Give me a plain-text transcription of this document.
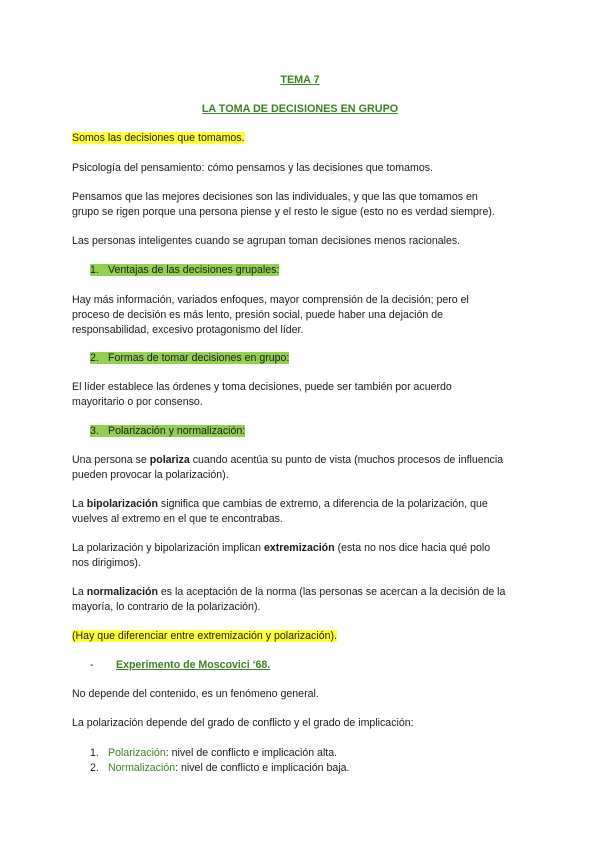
TEMA 7
LA TOMA DE DECISIONES EN GRUPO
Somos las decisiones que tomamos.
Psicología del pensamiento: cómo pensamos y las decisiones que tomamos.
Pensamos que las mejores decisiones son las individuales, y que las que tomamos en
grupo se rigen porque una persona piense y el resto le sigue (esto no es verdad siempre).
Las personas inteligentes cuando se agrupan toman decisiones menos racionales.
1. Ventajas de las decisiones grupales:
Hay más información, variados enfoques, mayor comprensión de la decisión; pero el
proceso de decisión es más lento, presión social, puede haber una dejación de
responsabilidad, excesivo protagonismo del líder.
2. Formas de tomar decisiones en grupo:
El líder establece las órdenes y toma decisiones, puede ser también por acuerdo
mayoritario o por consenso.
3. Polarización y normalización:
Una persona se polariza cuando acentúa su punto de vista (muchos procesos de influencia
pueden provocar la polarización).
La bipolarización significa que cambias de extremo, a diferencia de la polarización, que
vuelves al extremo en el que te encontrabas.
La polarización y bipolarización implican extremización (esta no nos dice hacia qué polo
nos dirigimos).
La normalización es la aceptación de la norma (las personas se acercan a la decisión de la
mayoría, lo contrario de la polarización).
(Hay que diferenciar entre extremización y polarización).
- Experimento de Moscovici ‘68.
No depende del contenido, es un fenómeno general.
La polarización depende del grado de conflicto y el grado de implicación:
1. Polarización: nivel de conflicto e implicación alta.
2. Normalización: nivel de conflicto e implicación baja.
